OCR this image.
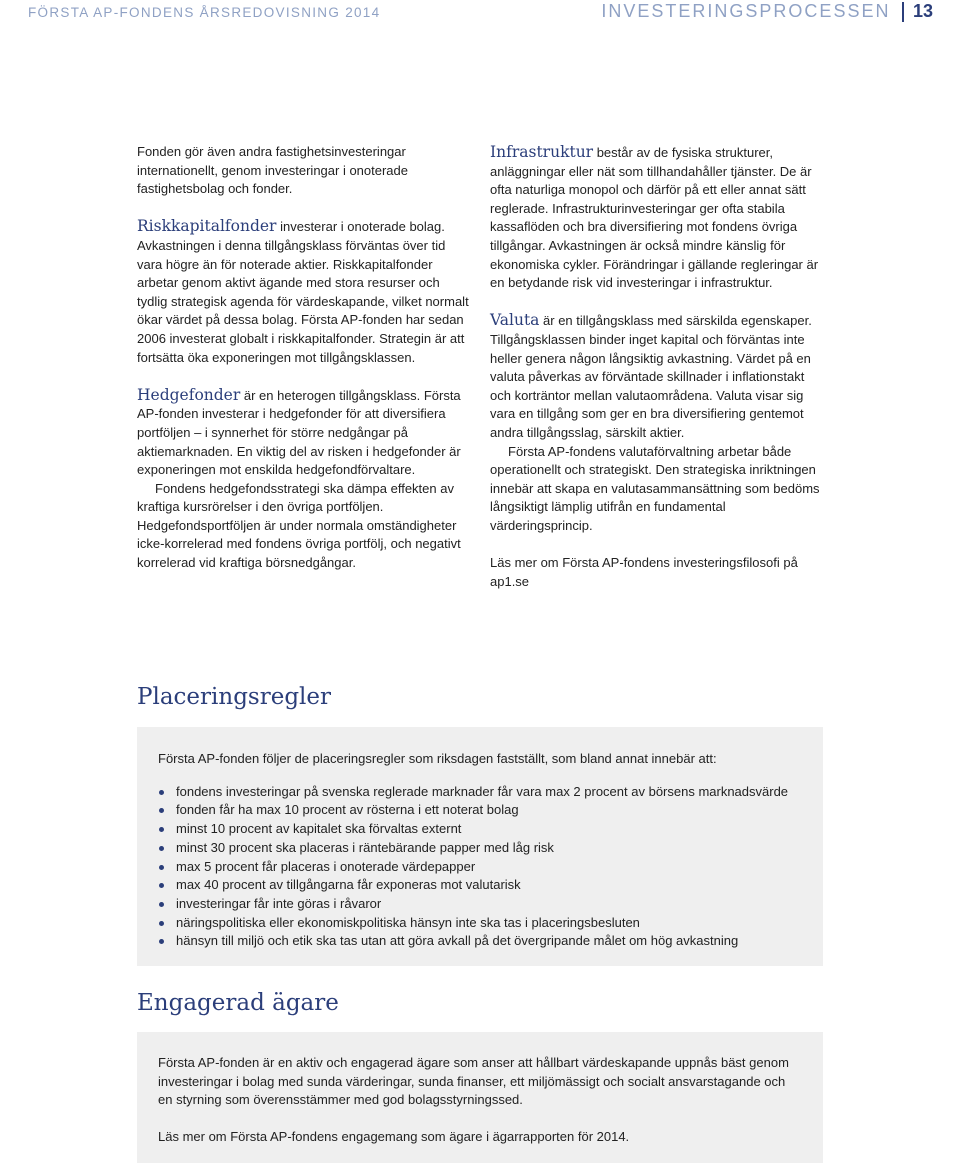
FÖRSTA AP-FONDENS ÅRSREDOVISNING 2014	INVESTERINGSPROCESSEN 13

Fonden gör även andra fastighetsinvesteringar internationellt, genom investeringar i onoterade fastighetsbolag och fonder.

Riskkapitalfonder investerar i onoterade bolag. Avkastningen i denna tillgångsklass förväntas över tid vara högre än för noterade aktier. Riskkapitalfonder arbetar genom aktivt ägande med stora resurser och tydlig strategisk agenda för värdeskapande, vilket normalt ökar värdet på dessa bolag. Första AP-fonden har sedan 2006 investerat globalt i riskkapitalfonder. Strategin är att fortsätta öka exponeringen mot tillgångsklassen.

Hedgefonder är en heterogen tillgångsklass. Första AP-fonden investerar i hedgefonder för att diversifiera portföljen – i synnerhet för större nedgångar på aktiemarknaden. En viktig del av risken i hedgefonder är exponeringen mot enskilda hedgefondförvaltare.

Fondens hedgefondsstrategi ska dämpa effekten av kraftiga kursrörelser i den övriga portföljen. Hedgefondsportföljen är under normala omständigheter icke-korrelerad med fondens övriga portfölj, och negativt korrelerad vid kraftiga börsnedgångar.

Infrastruktur består av de fysiska strukturer, anläggningar eller nät som tillhandahåller tjänster. De är ofta naturliga monopol och därför på ett eller annat sätt reglerade. Infrastrukturinvesteringar ger ofta stabila kassaflöden och bra diversifiering mot fondens övriga tillgångar. Avkastningen är också mindre känslig för ekonomiska cykler. Förändringar i gällande regleringar är en betydande risk vid investeringar i infrastruktur.

Valuta är en tillgångsklass med särskilda egenskaper. Tillgångsklassen binder inget kapital och förväntas inte heller genera någon långsiktig avkastning. Värdet på en valuta påverkas av förväntade skillnader i inflationstakt och korträntor mellan valutaområdena. Valuta visar sig vara en tillgång som ger en bra diversifiering gentemot andra tillgångsslag, särskilt aktier.

Första AP-fondens valutaförvaltning arbetar både operationellt och strategiskt. Den strategiska inriktningen innebär att skapa en valutasammansättning som bedöms långsiktigt lämplig utifrån en fundamental värderingsprincip.

Läs mer om Första AP-fondens investeringsfilosofi på ap1.se

Placeringsregler

Första AP-fonden följer de placeringsregler som riksdagen fastställt, som bland annat innebär att:

fondens investeringar på svenska reglerade marknader får vara max 2 procent av börsens marknadsvärde
fonden får ha max 10 procent av rösterna i ett noterat bolag
minst 10 procent av kapitalet ska förvaltas externt
minst 30 procent ska placeras i räntebärande papper med låg risk
max 5 procent får placeras i onoterade värdepapper
max 40 procent av tillgångarna får exponeras mot valutarisk
investeringar får inte göras i råvaror
näringspolitiska eller ekonomiskpolitiska hänsyn inte ska tas i placeringsbesluten
hänsyn till miljö och etik ska tas utan att göra avkall på det övergripande målet om hög avkastning
Engagerad ägare

Första AP-fonden är en aktiv och engagerad ägare som anser att hållbart värdeskapande uppnås bäst genom investeringar i bolag med sunda värderingar, sunda finanser, ett miljömässigt och socialt ansvarstagande och en styrning som överensstämmer med god bolagsstyrningssed.

Läs mer om Första AP-fondens engagemang som ägare i ägarrapporten för 2014.
